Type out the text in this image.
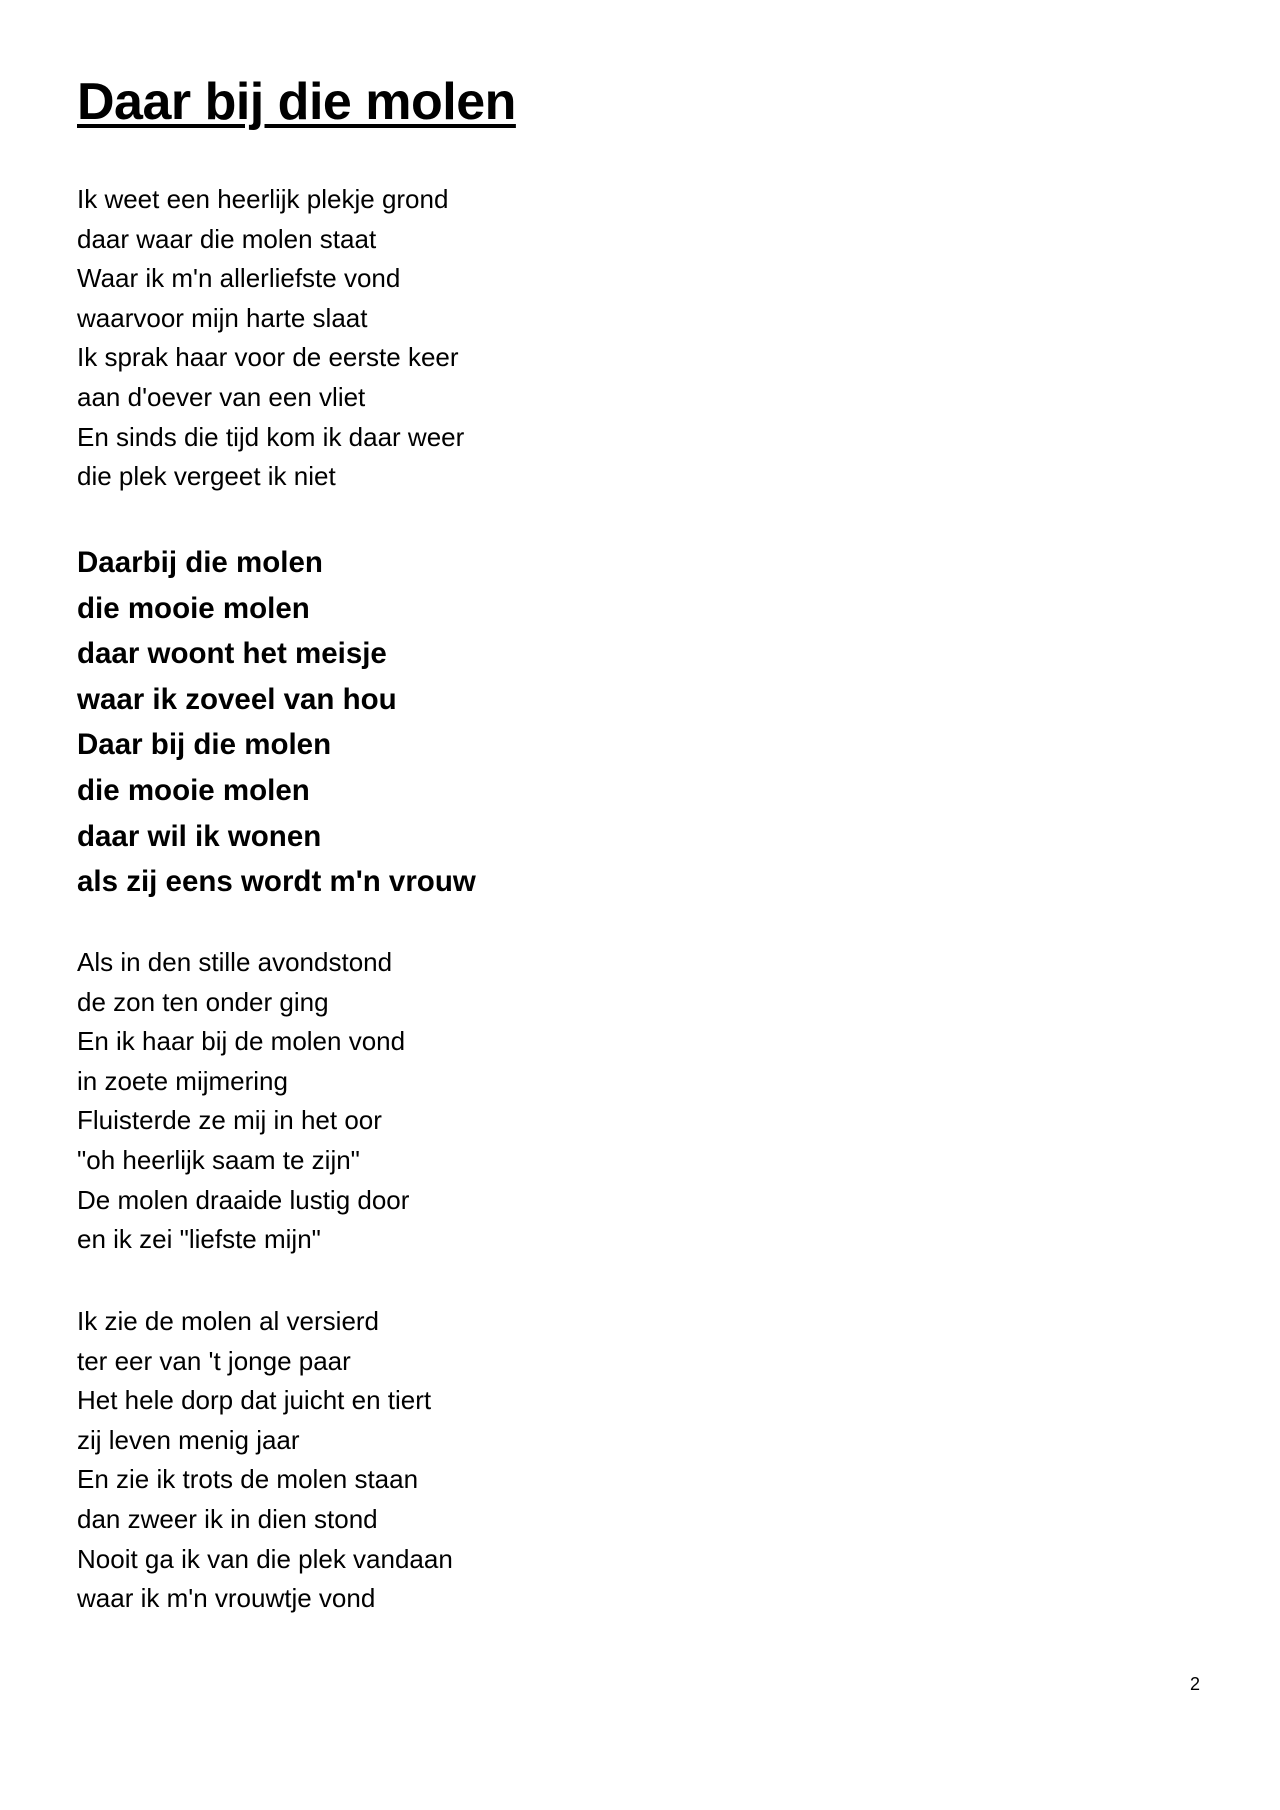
Daar bij die molen
Ik weet een heerlijk plekje grond
daar waar die molen staat
Waar ik m'n allerliefste vond
waarvoor mijn harte slaat
Ik sprak haar voor de eerste keer
aan d'oever van een vliet
En sinds die tijd kom ik daar weer
die plek vergeet ik niet
Daarbij die molen
die mooie molen
daar woont het meisje
waar ik zoveel van hou
Daar bij die molen
die mooie molen
daar wil ik wonen
als zij eens wordt m'n vrouw
Als in den stille avondstond
de zon ten onder ging
En ik haar bij de molen vond
in zoete mijmering
Fluisterde ze mij in het oor
"oh heerlijk saam te zijn"
De molen draaide lustig door
en ik zei "liefste mijn"
Ik zie de molen al versierd
ter eer van 't jonge paar
Het hele dorp dat juicht en tiert
zij leven menig jaar
En zie ik trots de molen staan
dan zweer ik in dien stond
Nooit ga ik van die plek vandaan
waar ik m'n vrouwtje vond
2
